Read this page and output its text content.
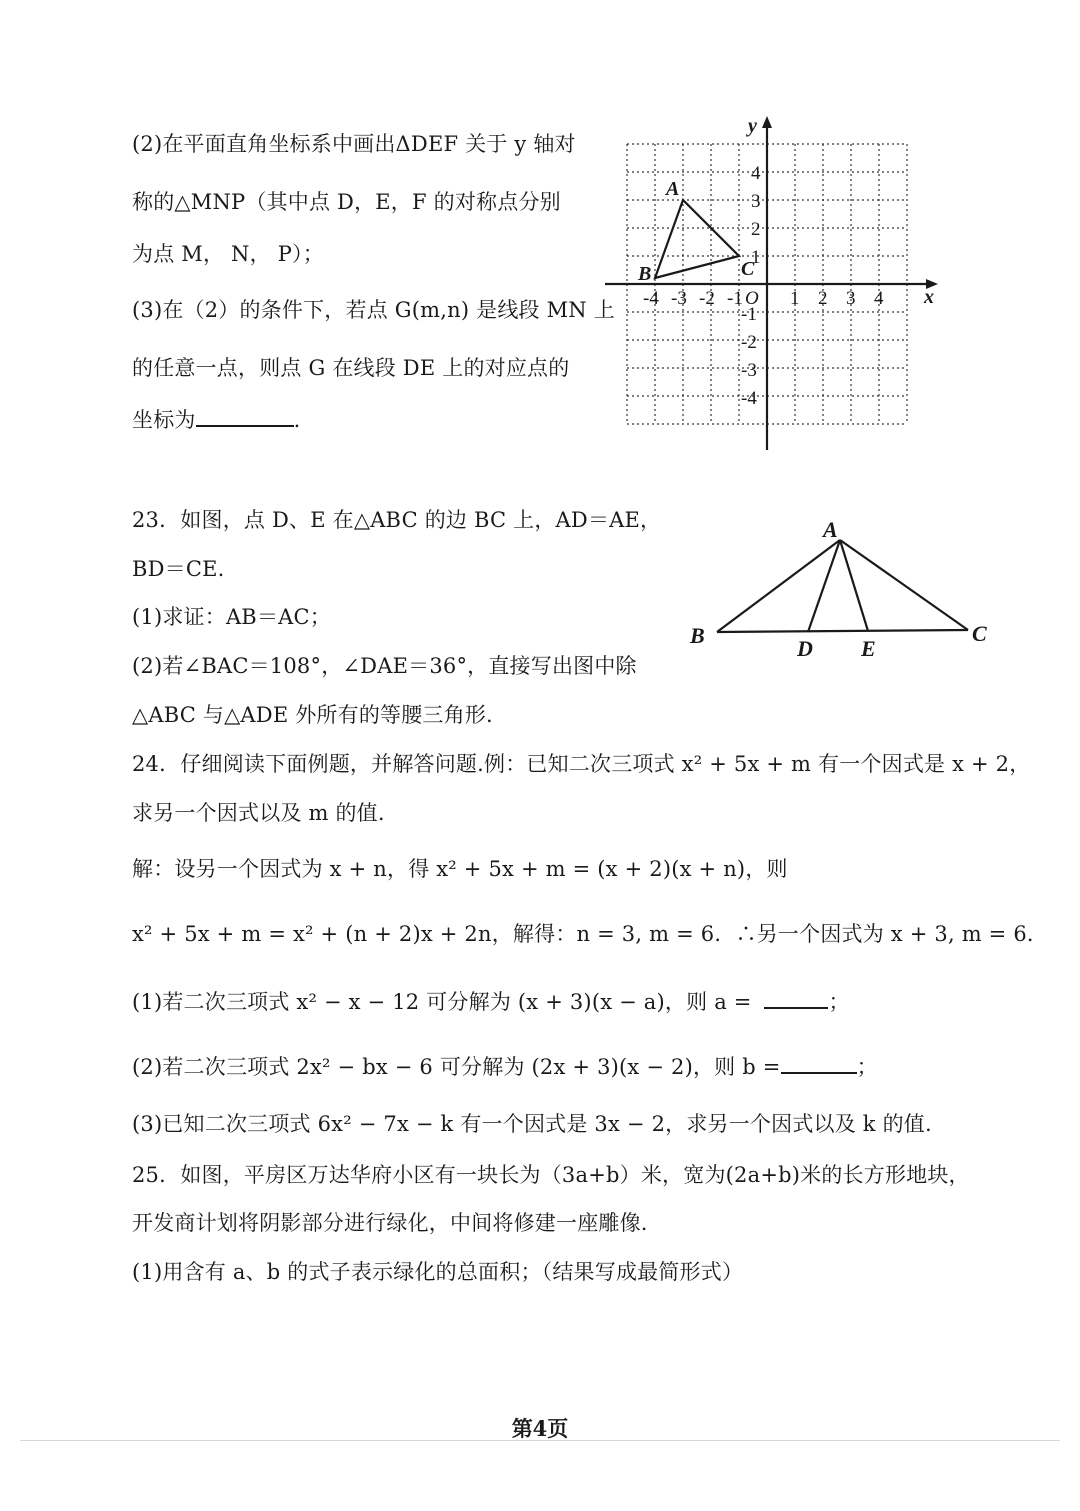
(2)在平面直角坐标系中画出ΔDEF 关于 y 轴对
称的△MNP（其中点 D，E，F 的对称点分别
为点 M， N， P）；
(3)在（2）的条件下，若点 G(m,n) 是线段 MN 上
的任意一点，则点 G 在线段 DE 上的对应点的
坐标为	.
x
y
O
-4 -3 -2 -1 1 2 3 4
4
3
2
1
-1
-2
-3
-4
A
B	C
23．如图，点 D、E 在△ABC 的边 BC 上，AD＝AE，
BD＝CE.
(1)求证：AB＝AC；
(2)若∠BAC＝108°，∠DAE＝36°，直接写出图中除
△ABC 与△ADE 外所有的等腰三角形.
A
B	C
D E
24．仔细阅读下面例题，并解答问题.例：已知二次三项式 x² + 5x + m 有一个因式是 x + 2，
求另一个因式以及 m 的值.
解：设另一个因式为 x + n，得 x² + 5x + m = (x + 2)(x + n)，则
x² + 5x + m = x² + (n + 2)x + 2n，解得：n = 3, m = 6．∴另一个因式为 x + 3, m = 6．
(1)若二次三项式 x² − x − 12 可分解为 (x + 3)(x − a)，则 a =	；
(2)若二次三项式 2x² − bx − 6 可分解为 (2x + 3)(x − 2)，则 b =	；
(3)已知二次三项式 6x² − 7x − k 有一个因式是 3x − 2，求另一个因式以及 k 的值.
25．如图，平房区万达华府小区有一块长为（3a+b）米，宽为(2a+b)米的长方形地块，
开发商计划将阴影部分进行绿化，中间将修建一座雕像.
(1)用含有 a、b 的式子表示绿化的总面积；（结果写成最简形式）
第4页
